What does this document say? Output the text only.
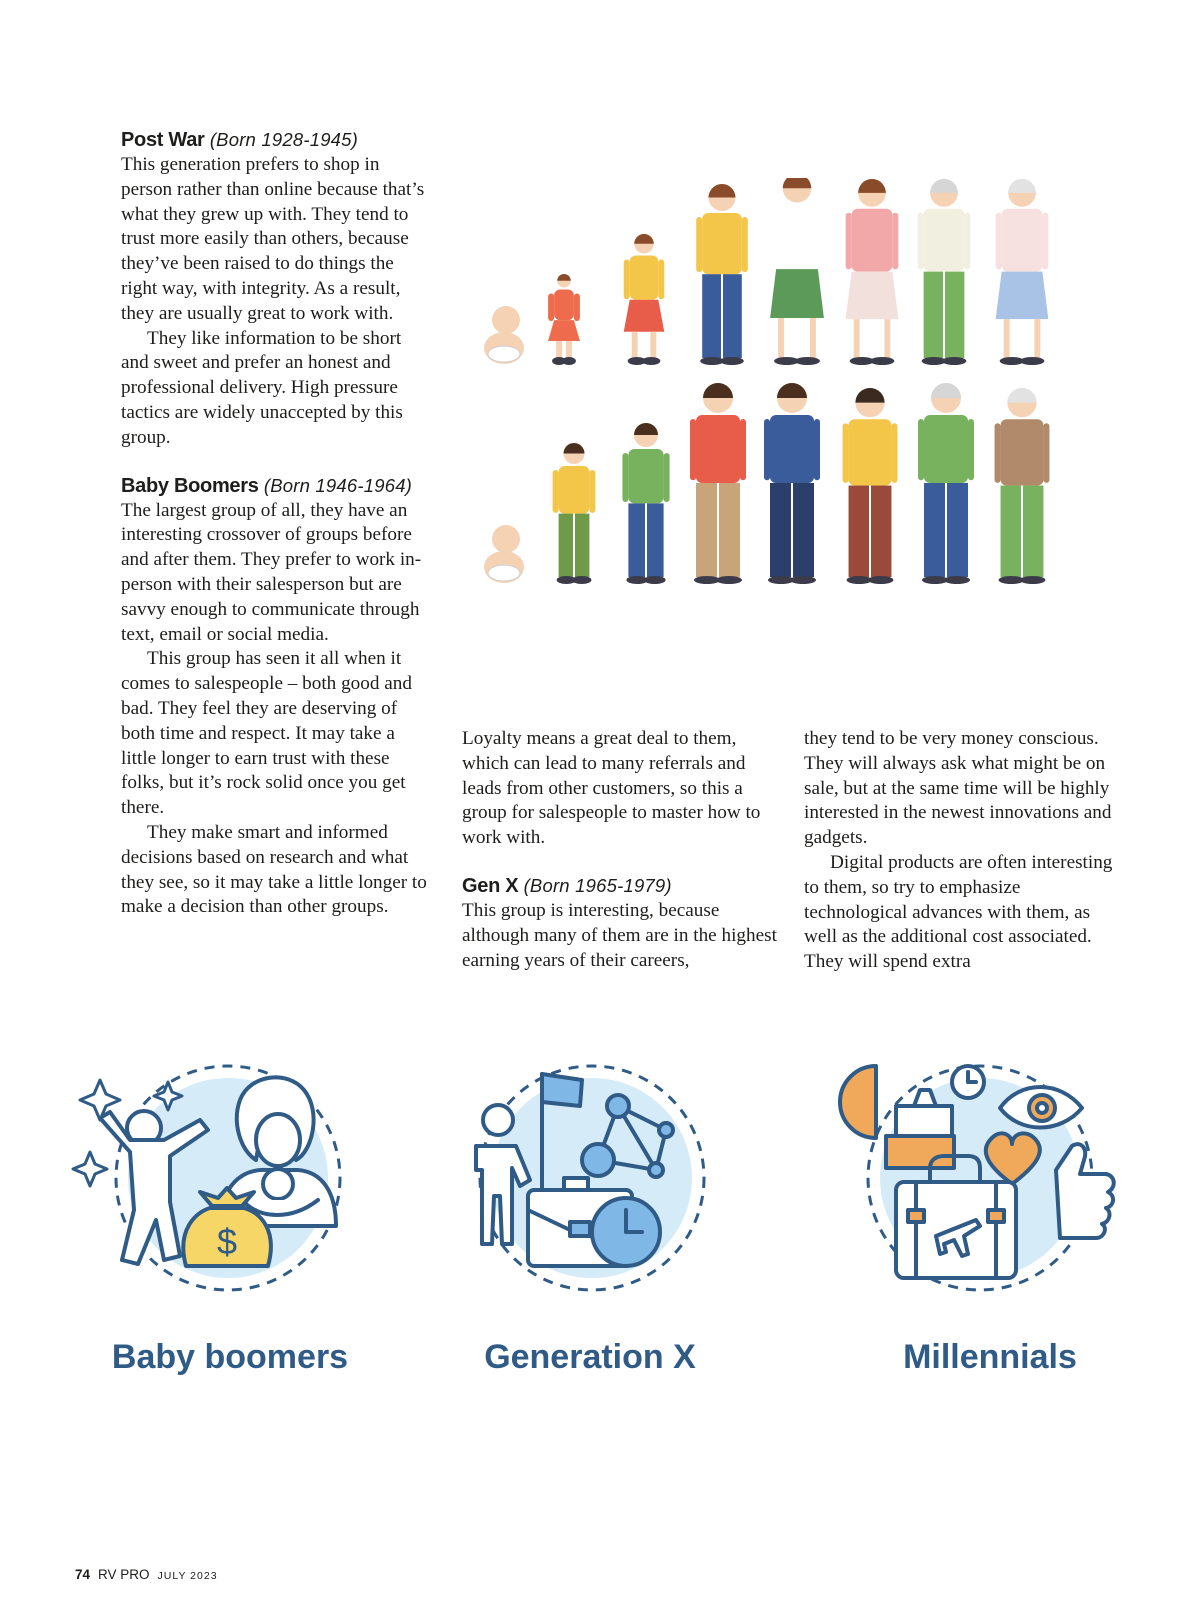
Post War (Born 1928-1945)

This generation prefers to shop in person rather than online because that’s what they grew up with. They tend to trust more easily than others, because they’ve been raised to do things the right way, with integrity. As a result, they are usually great to work with.

They like information to be short and sweet and prefer an honest and professional delivery. High pressure tactics are widely unaccepted by this group.

Baby Boomers (Born 1946-1964)

The largest group of all, they have an interesting crossover of groups before and after them. They prefer to work in-person with their salesperson but are savvy enough to communicate through text, email or social media.

This group has seen it all when it comes to salespeople – both good and bad. They feel they are deserving of both time and respect. It may take a little longer to earn trust with these folks, but it’s rock solid once you get there.

They make smart and informed decisions based on research and what they see, so it may take a little longer to make a decision than other groups.

Loyalty means a great deal to them, which can lead to many referrals and leads from other customers, so this a group for salespeople to master how to work with.

Gen X (Born 1965-1979)

This group is interesting, because although many of them are in the highest earning years of their careers,

they tend to be very money conscious. They will always ask what might be on sale, but at the same time will be highly interested in the newest innovations and gadgets.

Digital products are often interesting to them, so try to emphasize technological advances with them, as well as the additional cost associated. They will spend extra

$
Baby boomers	Generation X	Millennials
74 RV PRO JULY 2023
